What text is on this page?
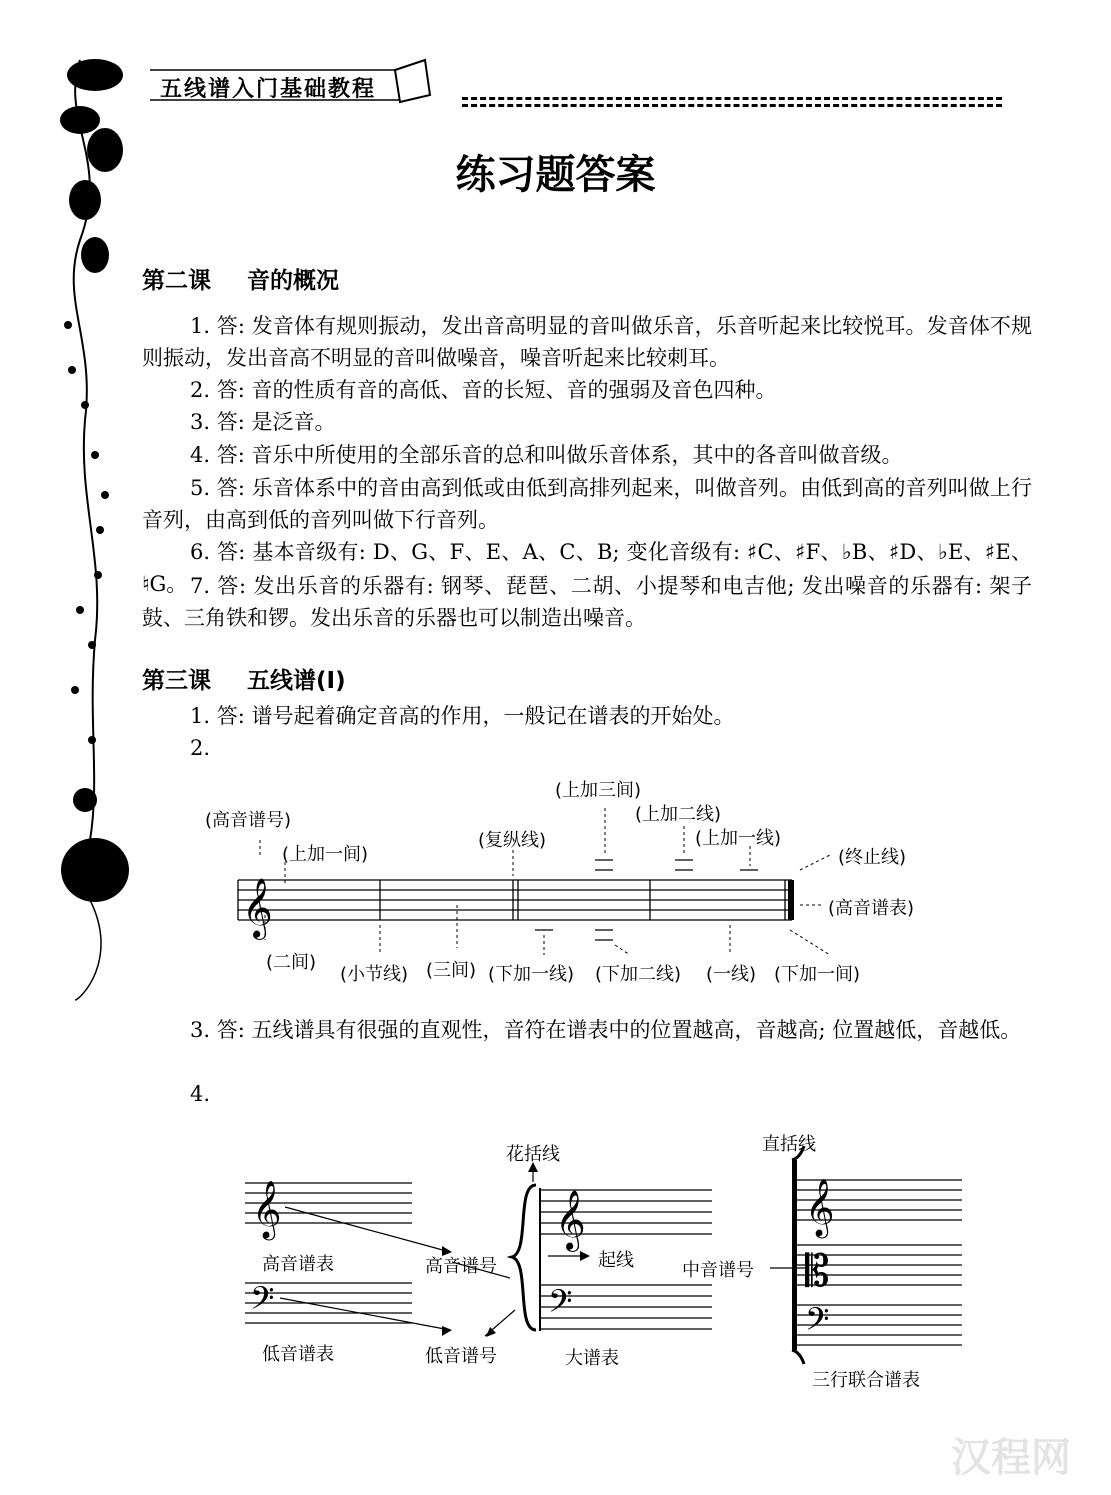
五线谱入门基础教程
练习题答案
第二课 音的概况
1. 答: 发音体有规则振动，发出音高明显的音叫做乐音，乐音听起来比较悦耳。发音体不规则振动，发出音高不明显的音叫做噪音，噪音听起来比较刺耳。
2. 答: 音的性质有音的高低、音的长短、音的强弱及音色四种。
3. 答: 是泛音。
4. 答: 音乐中所使用的全部乐音的总和叫做乐音体系，其中的各音叫做音级。
5. 答: 乐音体系中的音由高到低或由低到高排列起来，叫做音列。由低到高的音列叫做上行音列，由高到低的音列叫做下行音列。
6. 答: 基本音级有: D、G、F、E、A、C、B; 变化音级有: ♯C、♯F、♭B、♯D、♭E、♯E、♮G。 7. 答: 发出乐音的乐器有: 钢琴、琵琶、二胡、小提琴和电吉他; 发出噪音的乐器有: 架子鼓、三角铁和锣。发出乐音的乐器也可以制造出噪音。
第三课 五线谱(Ⅰ)
1. 答: 谱号起着确定音高的作用，一般记在谱表的开始处。
2.
𝄞
(高音谱号)
(上加一间)
(复纵线)
(上加三间)
(上加二线)
(上加一线)
(终止线)
(高音谱表)
(二间)
(小节线) (三间) (下加一线) (下加二线) (一线) (下加一间)
3. 答: 五线谱具有很强的直观性，音符在谱表中的位置越高，音越高; 位置越低，音越低。
4.
𝄞
𝄢
𝄞
𝄢
𝄞
𝄡
𝄢
花括线	直括线
高音谱表	高音谱号	起线	中音谱号
低音谱表	低音谱号	大谱表
三行联合谱表
汉程网
